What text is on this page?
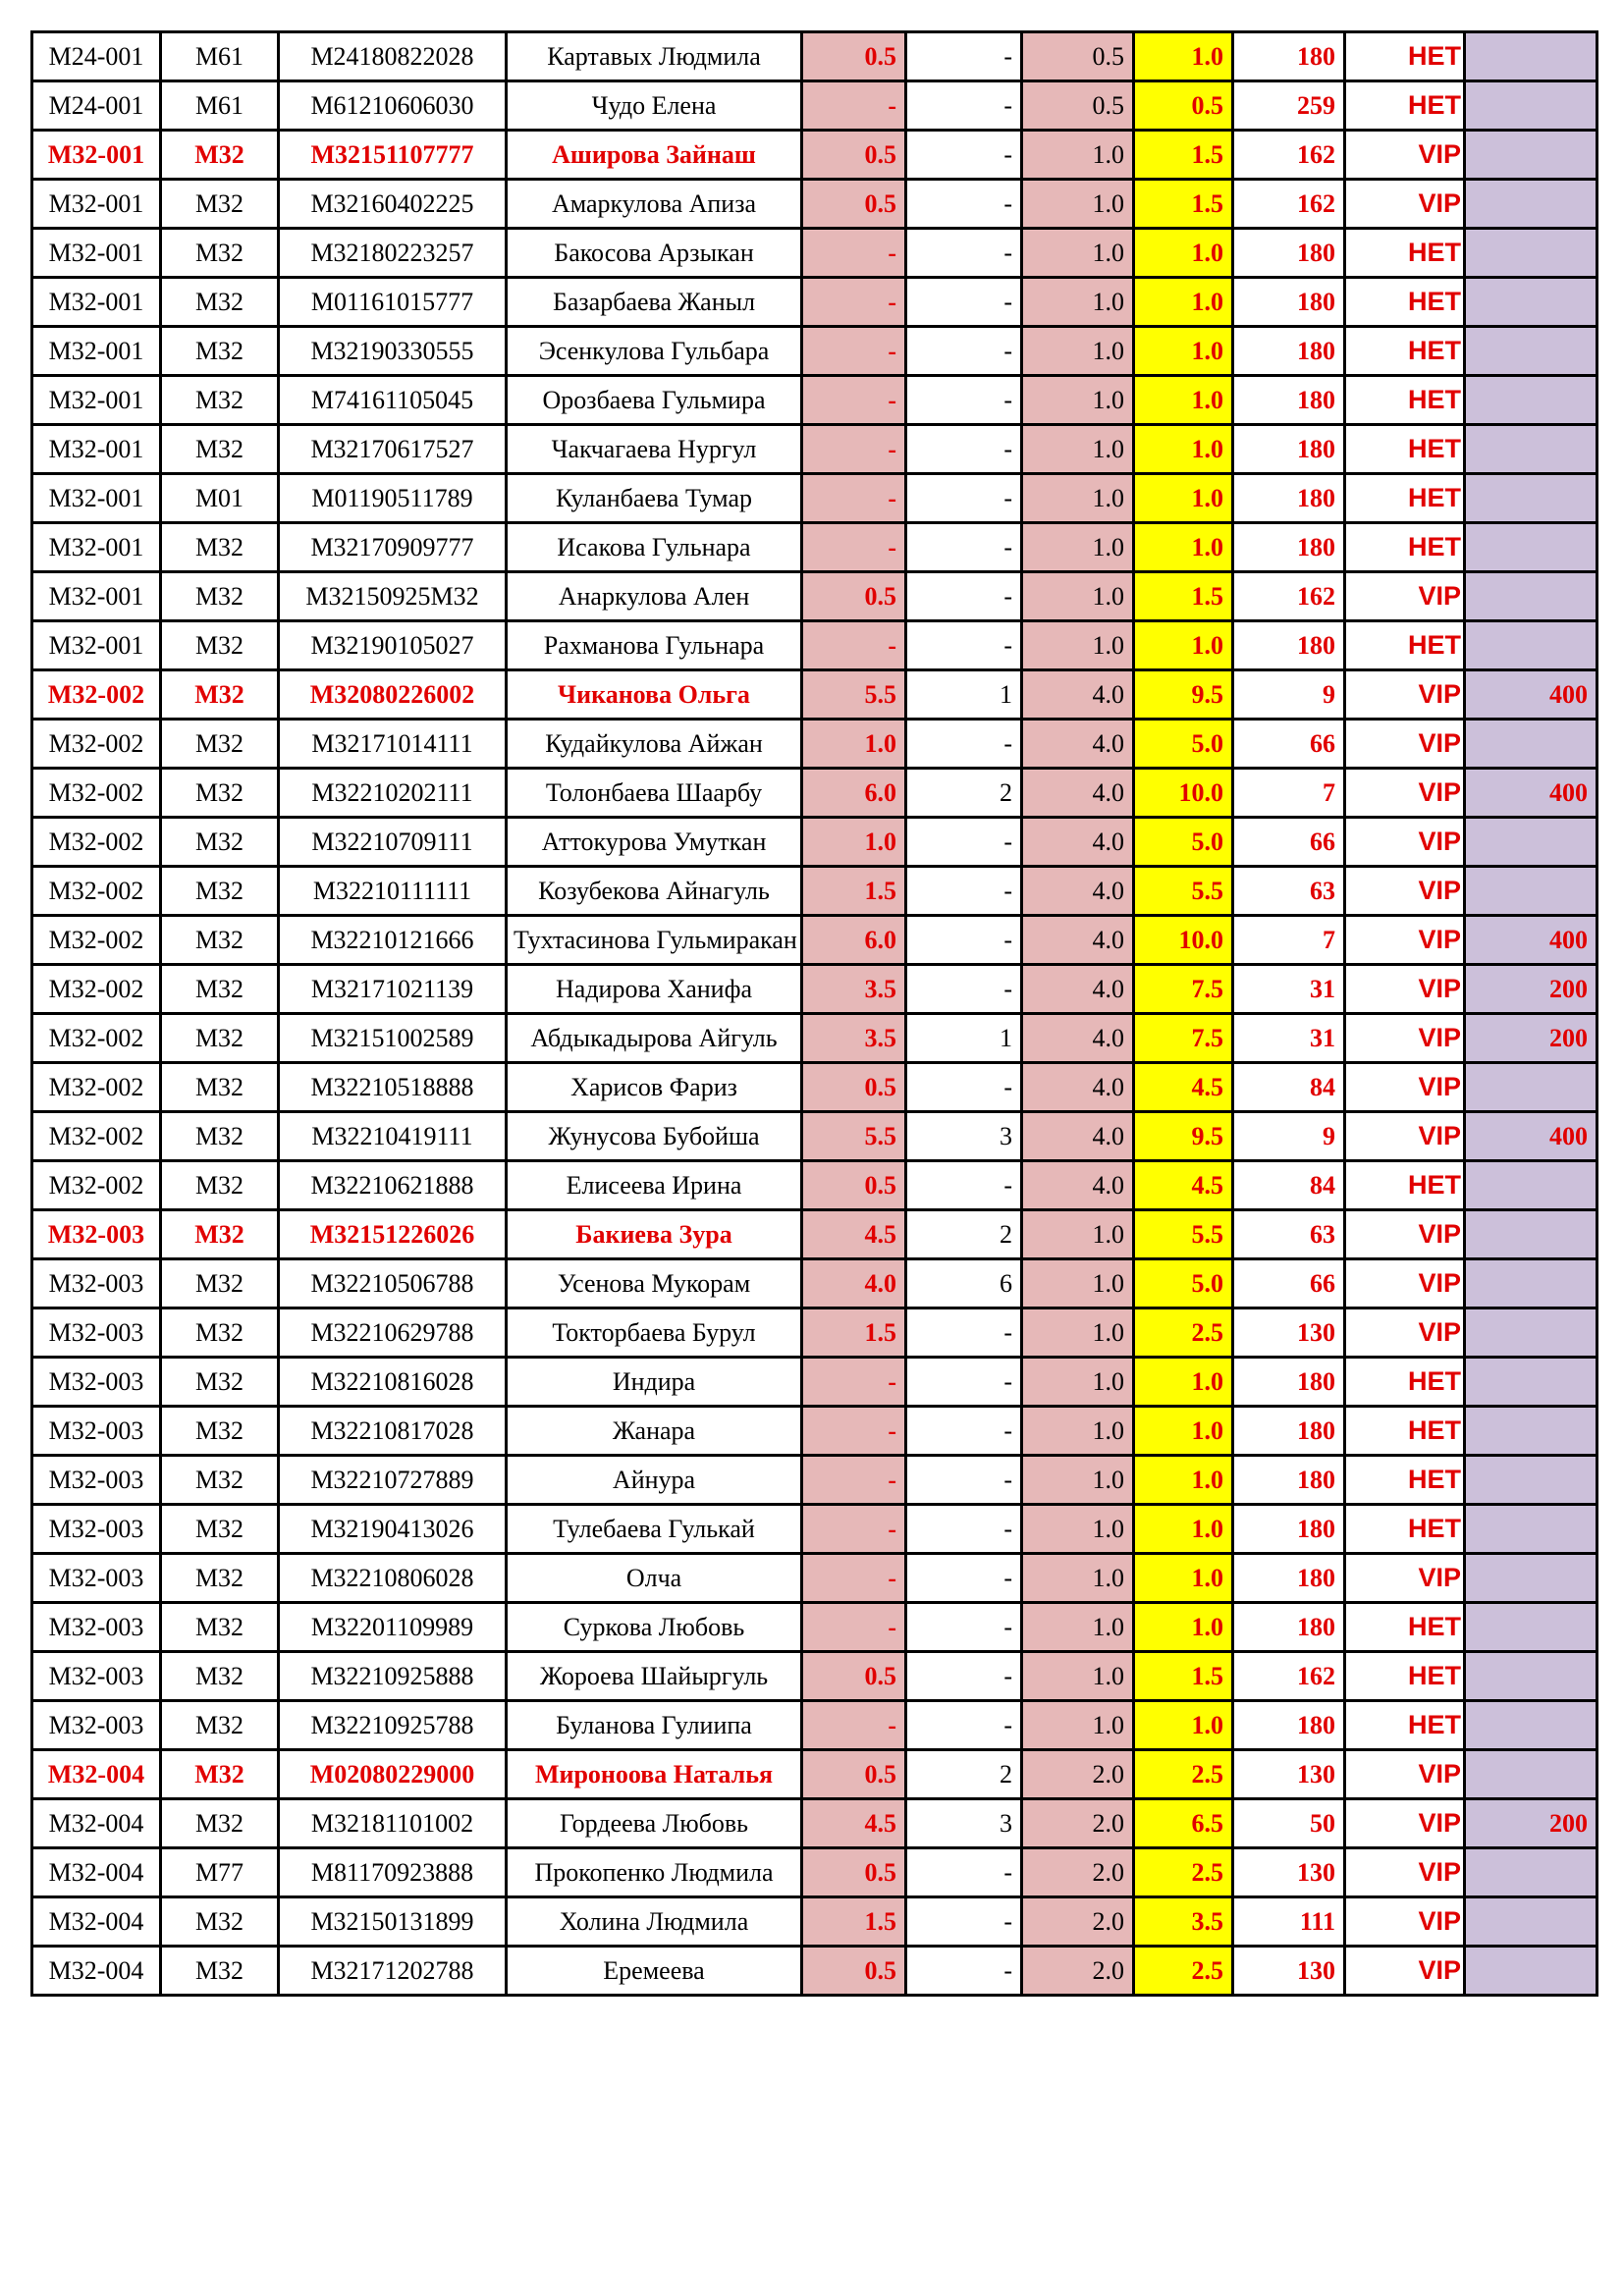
M24-001	M61	M24180822028	Картавых Людмила	0.5	-	0.5	1.0	180	НЕТ	
M24-001	M61	M61210606030	Чудо Елена	-	-	0.5	0.5	259	НЕТ	
M32-001	M32	M32151107777	Аширова Зайнаш	0.5	-	1.0	1.5	162	VIP	
M32-001	M32	M32160402225	Амаркулова Апиза	0.5	-	1.0	1.5	162	VIP	
M32-001	M32	M32180223257	Бакосова Арзыкан	-	-	1.0	1.0	180	НЕТ	
M32-001	M32	M01161015777	Базарбаева Жаныл	-	-	1.0	1.0	180	НЕТ	
M32-001	M32	M32190330555	Эсенкулова Гульбара	-	-	1.0	1.0	180	НЕТ	
M32-001	M32	M74161105045	Орозбаева Гульмира	-	-	1.0	1.0	180	НЕТ	
M32-001	M32	M32170617527	Чакчагаева Нургул	-	-	1.0	1.0	180	НЕТ	
M32-001	M01	M01190511789	Куланбаева Тумар	-	-	1.0	1.0	180	НЕТ	
M32-001	M32	M32170909777	Исакова Гульнара	-	-	1.0	1.0	180	НЕТ	
M32-001	M32	M32150925M32	Анаркулова Ален	0.5	-	1.0	1.5	162	VIP	
M32-001	M32	M32190105027	Рахманова Гульнара	-	-	1.0	1.0	180	НЕТ	
M32-002	M32	M32080226002	Чиканова Ольга	5.5	1	4.0	9.5	9	VIP	400
M32-002	M32	M32171014111	Кудайкулова Айжан	1.0	-	4.0	5.0	66	VIP	
M32-002	M32	M32210202111	Толонбаева Шаарбу	6.0	2	4.0	10.0	7	VIP	400
M32-002	M32	M32210709111	Аттокурова Умуткан	1.0	-	4.0	5.0	66	VIP	
M32-002	M32	M32210111111	Козубекова Айнагуль	1.5	-	4.0	5.5	63	VIP	
M32-002	M32	M32210121666	Тухтасинова Гульмиракан	6.0	-	4.0	10.0	7	VIP	400
M32-002	M32	M32171021139	Надирова Ханифа	3.5	-	4.0	7.5	31	VIP	200
M32-002	M32	M32151002589	Абдыкадырова Айгуль	3.5	1	4.0	7.5	31	VIP	200
M32-002	M32	M32210518888	Харисов Фариз	0.5	-	4.0	4.5	84	VIP	
M32-002	M32	M32210419111	Жунусова Бубойша	5.5	3	4.0	9.5	9	VIP	400
M32-002	M32	M32210621888	Елисеева Ирина	0.5	-	4.0	4.5	84	НЕТ	
M32-003	M32	M32151226026	Бакиева Зура	4.5	2	1.0	5.5	63	VIP	
M32-003	M32	M32210506788	Усенова Мукорам	4.0	6	1.0	5.0	66	VIP	
M32-003	M32	M32210629788	Токторбаева Бурул	1.5	-	1.0	2.5	130	VIP	
M32-003	M32	M32210816028	Индира	-	-	1.0	1.0	180	НЕТ	
M32-003	M32	M32210817028	Жанара	-	-	1.0	1.0	180	НЕТ	
M32-003	M32	M32210727889	Айнура	-	-	1.0	1.0	180	НЕТ	
M32-003	M32	M32190413026	Тулебаева Гулькай	-	-	1.0	1.0	180	НЕТ	
M32-003	M32	M32210806028	Олча	-	-	1.0	1.0	180	VIP	
M32-003	M32	M32201109989	Суркова Любовь	-	-	1.0	1.0	180	НЕТ	
M32-003	M32	M32210925888	Жороева Шайыргуль	0.5	-	1.0	1.5	162	НЕТ	
M32-003	M32	M32210925788	Буланова Гулиипа	-	-	1.0	1.0	180	НЕТ	
M32-004	M32	M02080229000	Мироноова Наталья	0.5	2	2.0	2.5	130	VIP	
M32-004	M32	M32181101002	Гордеева Любовь	4.5	3	2.0	6.5	50	VIP	200
M32-004	M77	M81170923888	Прокопенко Людмила	0.5	-	2.0	2.5	130	VIP	
M32-004	M32	M32150131899	Холина Людмила	1.5	-	2.0	3.5	111	VIP	
M32-004	M32	M32171202788	Еремеева	0.5	-	2.0	2.5	130	VIP	
